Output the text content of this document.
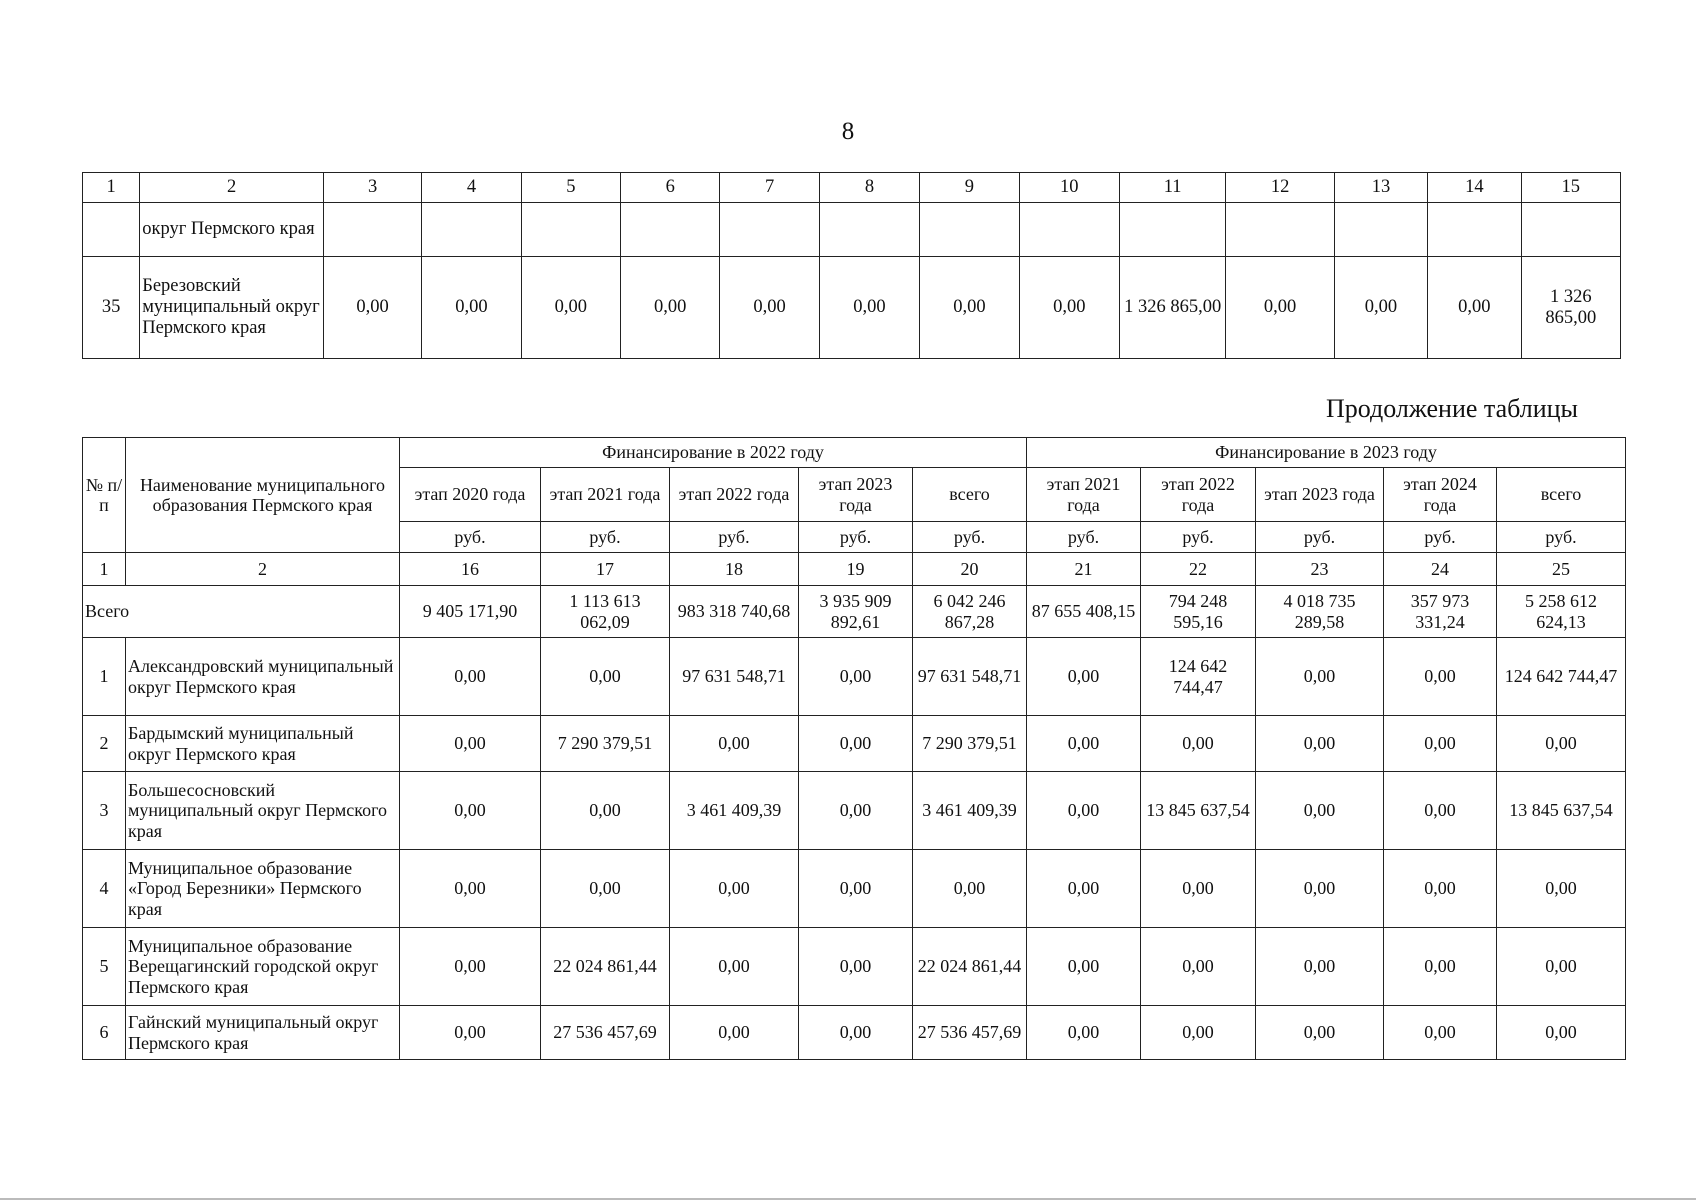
8
1	2	3	4	5	6	7	8	9	10	11	12	13	14	15
	округ Пермского края													
35	Березовский муниципальный округ Пермского края	0,00	0,00	0,00	0,00	0,00	0,00	0,00	0,00	1 326 865,00	0,00	0,00	0,00	1 326 865,00
Продолжение таблицы
№ п/п	Наименование муниципального образования Пермского края	Финансирование в 2022 году					Финансирование в 2023 году				
		этап 2020 года	этап 2021 года	этап 2022 года	этап 2023 года	всего	этап 2021 года	этап 2022 года	этап 2023 года	этап 2024 года	всего
		руб.	руб.	руб.	руб.	руб.	руб.	руб.	руб.	руб.	руб.
1	2	16	17	18	19	20	21	22	23	24	25
Всего		9 405 171,90	1 113 613 062,09	983 318 740,68	3 935 909 892,61	6 042 246 867,28	87 655 408,15	794 248 595,16	4 018 735 289,58	357 973 331,24	5 258 612 624,13
1	Александровский муниципальный округ Пермского края	0,00	0,00	97 631 548,71	0,00	97 631 548,71	0,00	124 642 744,47	0,00	0,00	124 642 744,47
2	Бардымский муниципальный округ Пермского края	0,00	7 290 379,51	0,00	0,00	7 290 379,51	0,00	0,00	0,00	0,00	0,00
3	Большесосновский муниципальный округ Пермского края	0,00	0,00	3 461 409,39	0,00	3 461 409,39	0,00	13 845 637,54	0,00	0,00	13 845 637,54
4	Муниципальное образование «Город Березники» Пермского края	0,00	0,00	0,00	0,00	0,00	0,00	0,00	0,00	0,00	0,00
5	Муниципальное образование Верещагинский городской округ Пермского края	0,00	22 024 861,44	0,00	0,00	22 024 861,44	0,00	0,00	0,00	0,00	0,00
6	Гайнский муниципальный округ Пермского края	0,00	27 536 457,69	0,00	0,00	27 536 457,69	0,00	0,00	0,00	0,00	0,00
